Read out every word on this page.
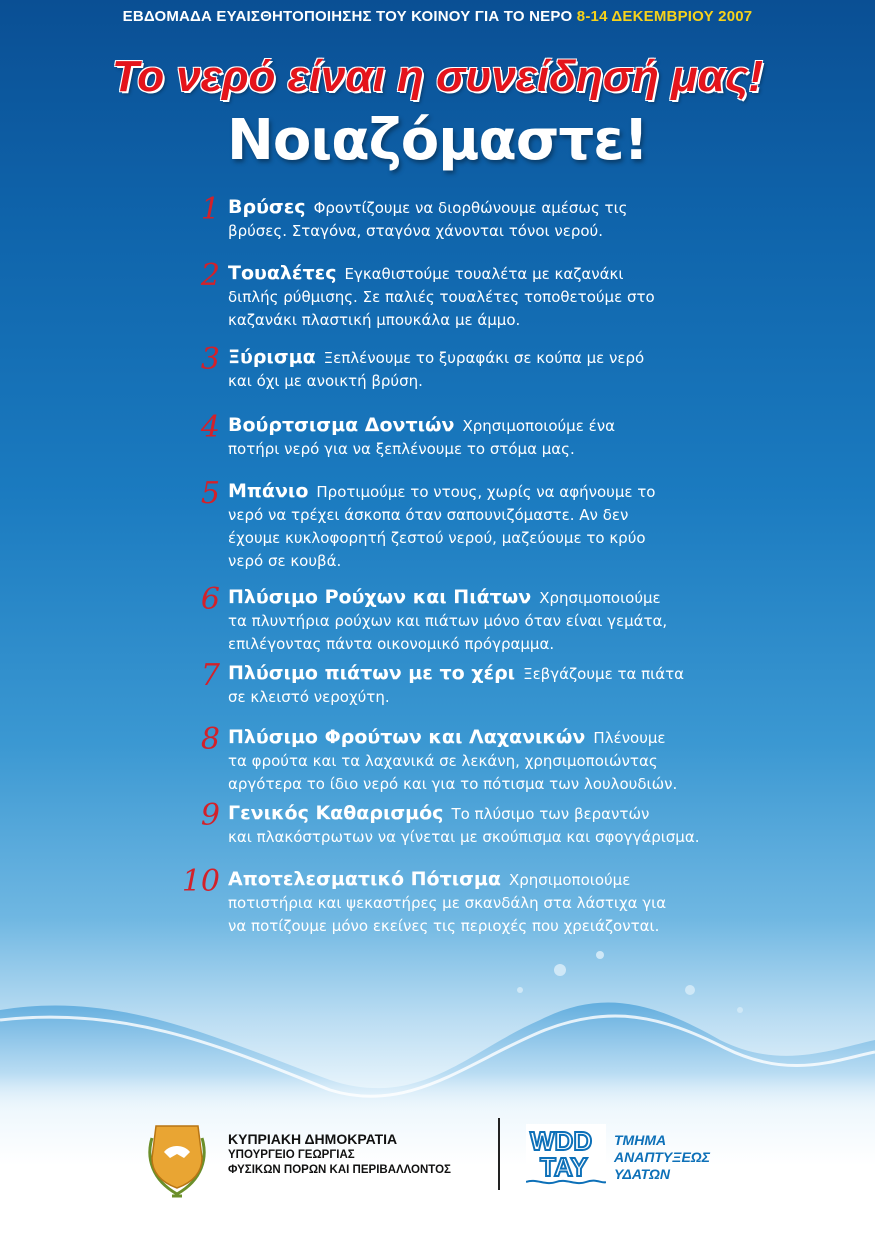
ΕΒΔΟΜΑΔΑ ΕΥΑΙΣΘΗΤΟΠΟΙΗΣΗΣ ΤΟΥ ΚΟΙΝΟΥ ΓΙΑ ΤΟ ΝΕΡΟ 8-14 ΔΕΚΕΜΒΡΙΟΥ 2007
Το νερό είναι η συνείδησή μας!
Νοιαζόμαστε!
1 Βρύσες Φροντίζουμε να διορθώνουμε αμέσως τις
βρύσες. Σταγόνα, σταγόνα χάνονται τόνοι νερού.

2 Τουαλέτες Εγκαθιστούμε τουαλέτα με καζανάκι
διπλής ρύθμισης. Σε παλιές τουαλέτες τοποθετούμε στο
καζανάκι πλαστική μπουκάλα με άμμο.

3 Ξύρισμα Ξεπλένουμε το ξυραφάκι σε κούπα με νερό
και όχι με ανοικτή βρύση.

4 Βούρτσισμα Δοντιών Χρησιμοποιούμε ένα
ποτήρι νερό για να ξεπλένουμε το στόμα μας.

5 Μπάνιο Προτιμούμε το ντους, χωρίς να αφήνουμε το
νερό να τρέχει άσκοπα όταν σαπουνιζόμαστε. Αν δεν
έχουμε κυκλοφορητή ζεστού νερού, μαζεύουμε το κρύο
νερό σε κουβά.

6 Πλύσιμο Ρούχων και Πιάτων Χρησιμοποιούμε
τα πλυντήρια ρούχων και πιάτων μόνο όταν είναι γεμάτα,
επιλέγοντας πάντα οικονομικό πρόγραμμα.

7 Πλύσιμο πιάτων με το χέρι Ξεβγάζουμε τα πιάτα
σε κλειστό νεροχύτη.

8 Πλύσιμο Φρούτων και Λαχανικών Πλένουμε
τα φρούτα και τα λαχανικά σε λεκάνη, χρησιμοποιώντας
αργότερα το ίδιο νερό και για το πότισμα των λουλουδιών.

9 Γενικός Καθαρισμός Το πλύσιμο των βεραντών
και πλακόστρωτων να γίνεται με σκούπισμα και σφογγάρισμα.

10 Αποτελεσματικό Πότισμα Χρησιμοποιούμε
ποτιστήρια και ψεκαστήρες με σκανδάλη στα λάστιχα για
να ποτίζουμε μόνο εκείνες τις περιοχές που χρειάζονται.

ΚΥΠΡΙΑΚΗ ΔΗΜΟΚΡΑΤΙΑ
ΥΠΟΥΡΓΕΙΟ ΓΕΩΡΓΙΑΣ
ΦΥΣΙΚΩΝ ΠΟΡΩΝ ΚΑΙ ΠΕΡΙΒΑΛΛΟΝΤΟΣ
WDD
ΤΑΥ
ΤΜΗΜΑ
ΑΝΑΠΤΥΞΕΩΣ
ΥΔΑΤΩΝ
